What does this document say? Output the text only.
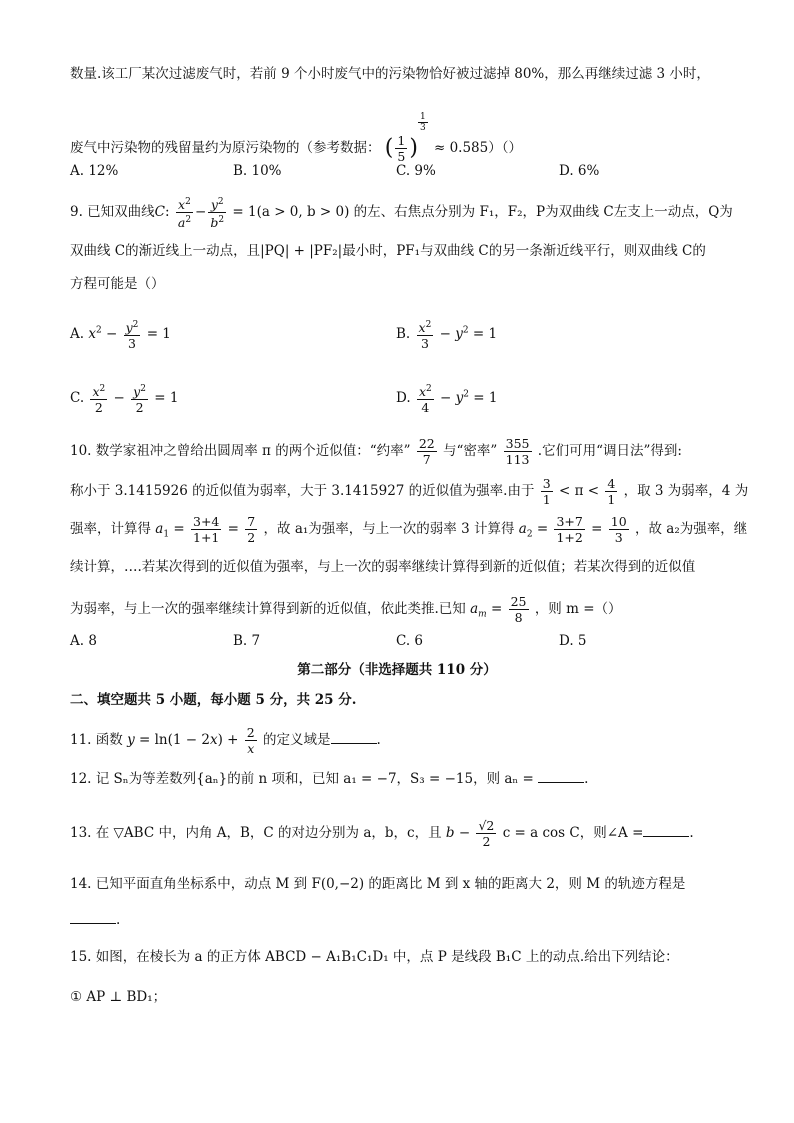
数量.该工厂某次过滤废气时，若前 9 个小时废气中的污染物恰好被过滤掉 80%，那么再继续过滤 3 小时，
废气中污染物的残留量约为原污染物的（参考数据： ( $\frac{1}{5}$ )
$\frac{1}{3}$
≈ 0.585）（）
A. 12%	B. 10%	C. 9%	D. 6%
9. 已知双曲线C: $\frac{x^2}{a^2} - \frac{y^2}{b^2} = 1(a > 0$, b > 0) 的左、右焦点分别为 F₁，F₂，P为双曲线 C左支上一动点，Q为
双曲线 C的渐近线上一动点，且|PQ| + |PF₂|最小时，PF₁与双曲线 C的另一条渐近线平行，则双曲线 C的
方程可能是（）
A. $x^2 - \frac{y^2}{3} = 1$	B. $\frac{x^2}{3} - y^2 = 1$
C. $\frac{x^2}{2} - \frac{y^2}{2} = 1$	D. $\frac{x^2}{4} - y^2 = 1$
10. 数学家祖冲之曾给出圆周率 π 的两个近似值：“约率” $\frac{22}{7}$ 与“密率” $\frac{355}{113}$ .它们可用“调日法”得到:
称小于 3.1415926 的近似值为弱率，大于 3.1415927 的近似值为强率.由于 $\frac{3}{1} < \pi < \frac{4}{1}$ ，取 3 为弱率，4 为
强率，计算得 $a_1 = \frac{3+4}{1+1} = \frac{7}{2}$ ，故 a₁为强率，与上一次的弱率 3 计算得 $a_2 = \frac{3+7}{1+2} = \frac{10}{3}$ ，故 a₂为强率，继
续计算，….若某次得到的近似值为强率，与上一次的弱率继续计算得到新的近似值；若某次得到的近似值
为弱率，与上一次的强率继续计算得到新的近似值，依此类推.已知 $a_m = \frac{25}{8}$ ，则 m =（）
A. 8	B. 7	C. 6	D. 5
第二部分（非选择题共 110 分）
二、填空题共 5 小题，每小题 5 分，共 25 分.
11. 函数 $y = \ln(1 - 2x) + \frac{2}{x}$ 的定义域是	.
12. 记 Sₙ为等差数列{aₙ}的前 n 项和，已知 a₁ = −7，S₃ = −15，则 aₙ =	.
13. 在 ▽ABC 中，内角 A，B，C 的对边分别为 a，b，c，且 $b - \frac{√2}{2}$ c = a cos C，则∠A =	.
14. 已知平面直角坐标系中，动点 M 到 F(0,−2) 的距离比 M 到 x 轴的距离大 2，则 M 的轨迹方程是
.
15. 如图，在棱长为 a 的正方体 ABCD − A₁B₁C₁D₁ 中，点 P 是线段 B₁C 上的动点.给出下列结论：
① AP ⊥ BD₁；
